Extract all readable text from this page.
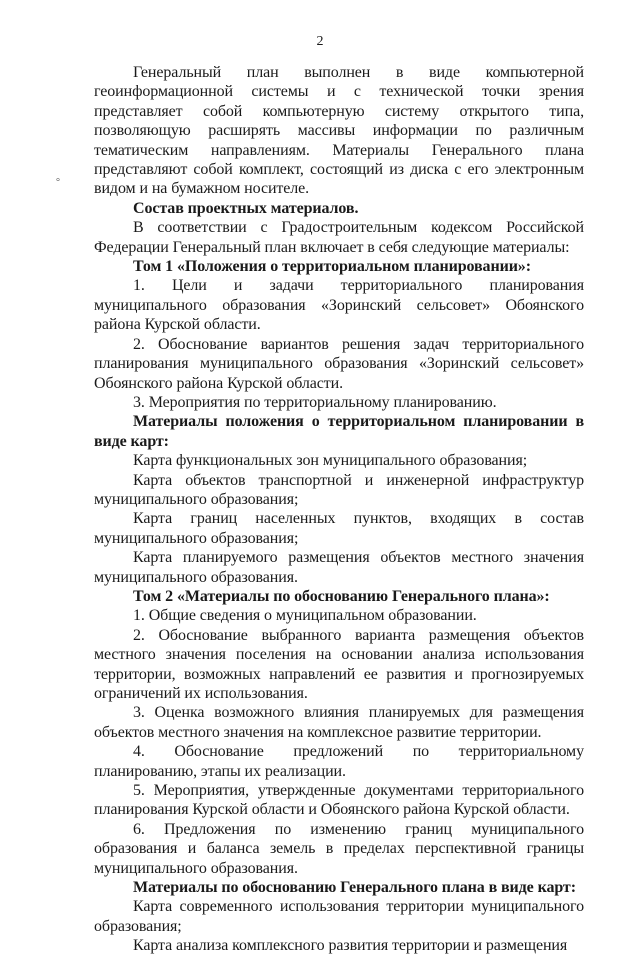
2
°

Генеральный план выполнен в виде компьютерной геоинформационной системы и с технической точки зрения представляет собой компьютерную систему открытого типа, позволяющую расширять массивы информации по различным тематическим направлениям. Материалы Генерального плана представляют собой комплект, состоящий из диска с его электронным видом и на бумажном носителе.

Состав проектных материалов.

В соответствии с Градостроительным кодексом Российской Федерации Генеральный план включает в себя следующие материалы:

Том 1 «Положения о территориальном планировании»:

1. Цели и задачи территориального планирования муниципального образования «Зоринский сельсовет» Обоянского района Курской области.

2. Обоснование вариантов решения задач территориального планирования муниципального образования «Зоринский сельсовет» Обоянского района Курской области.

3. Мероприятия по территориальному планированию.

Материалы положения о территориальном планировании в виде карт:

Карта функциональных зон муниципального образования;

Карта объектов транспортной и инженерной инфраструктур муниципального образования;

Карта границ населенных пунктов, входящих в состав муниципального образования;

Карта планируемого размещения объектов местного значения муниципального образования.

Том 2 «Материалы по обоснованию Генерального плана»:

1. Общие сведения о муниципальном образовании.

2. Обоснование выбранного варианта размещения объектов местного значения поселения на основании анализа использования территории, возможных направлений ее развития и прогнозируемых ограничений их использования.

3. Оценка возможного влияния планируемых для размещения объектов местного значения на комплексное развитие территории.

4. Обоснование предложений по территориальному планированию, этапы их реализации.

5. Мероприятия, утвержденные документами территориального планирования Курской области и Обоянского района Курской области.

6. Предложения по изменению границ муниципального образования и баланса земель в пределах перспективной границы муниципального образования.

Материалы по обоснованию Генерального плана в виде карт:

Карта современного использования территории муниципального образования;

Карта анализа комплексного развития территории и размещения
